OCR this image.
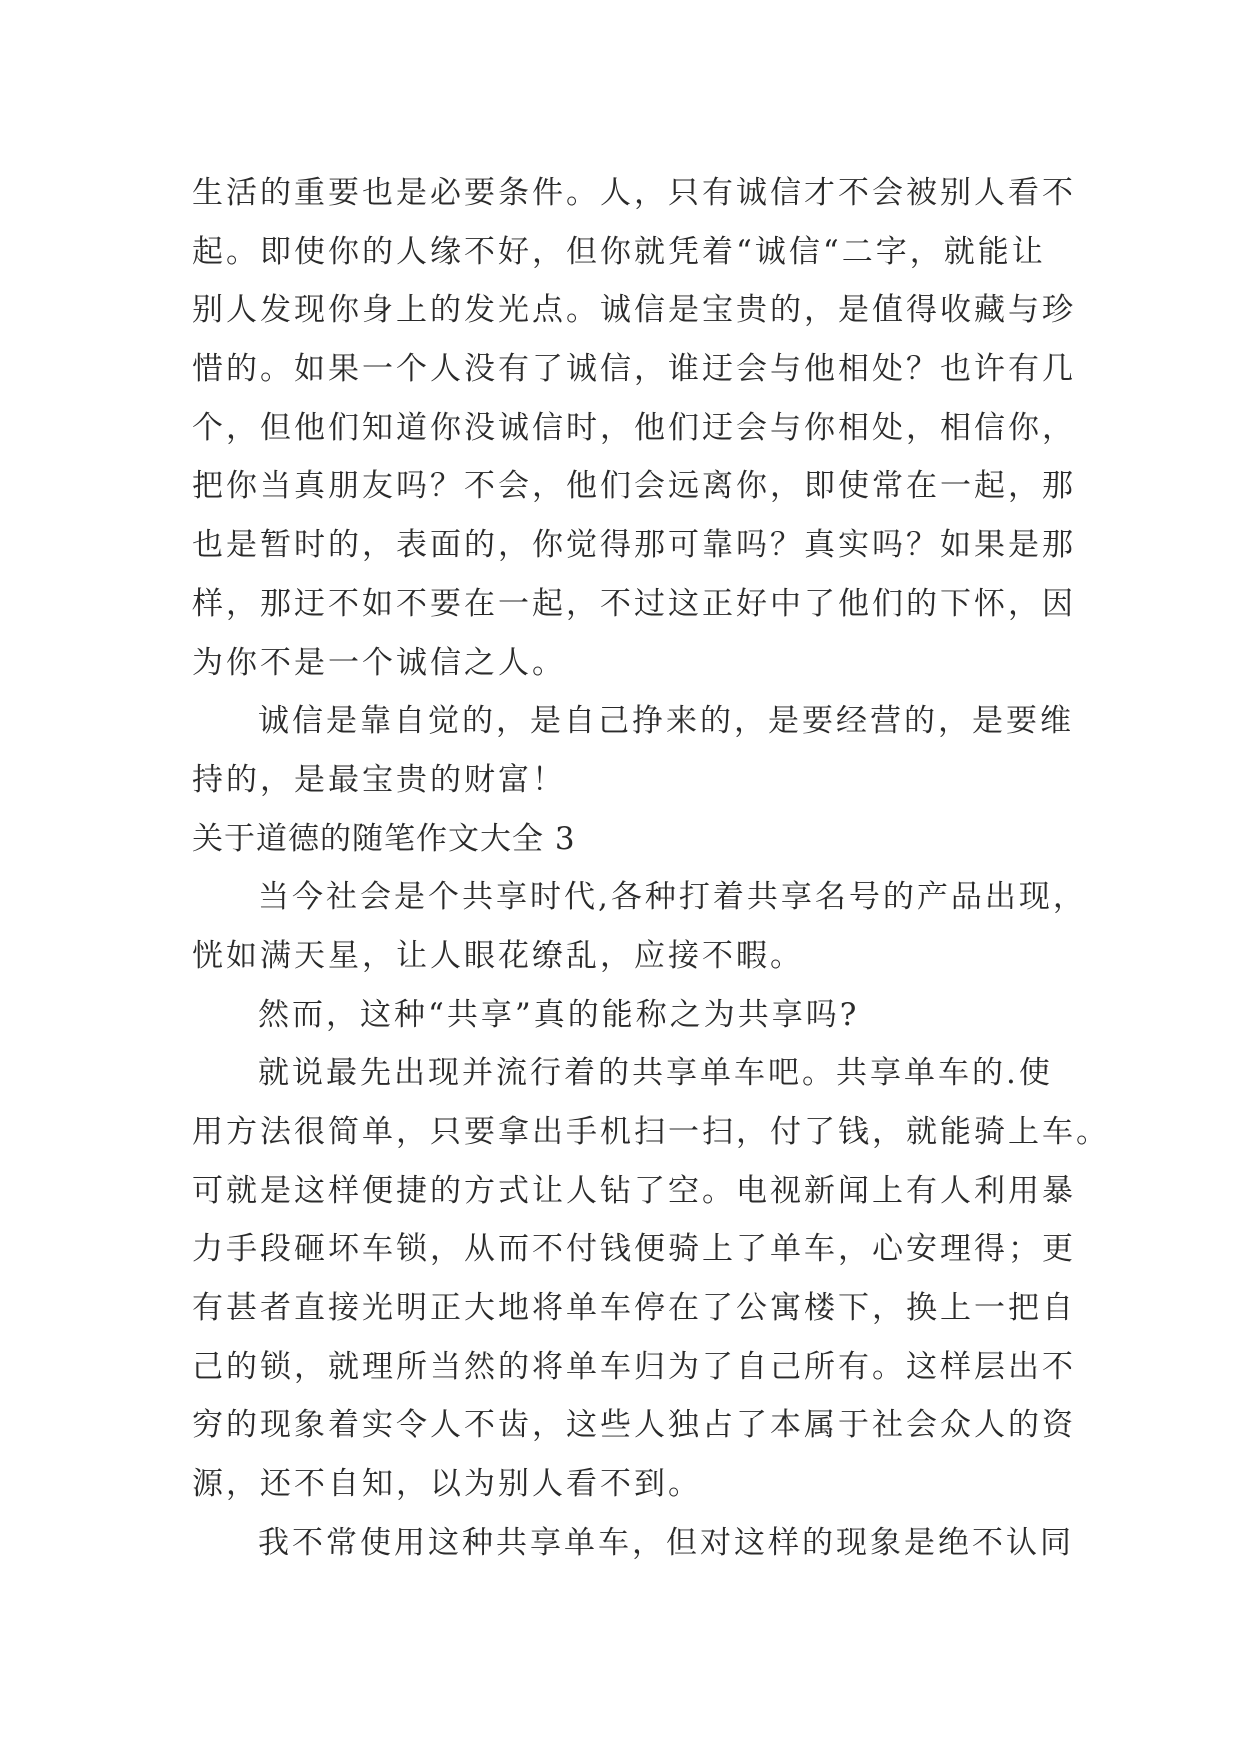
生活的重要也是必要条件。人，只有诚信才不会被别人看不

起。即使你的人缘不好，但你就凭着“诚信“二字，就能让

别人发现你身上的发光点。诚信是宝贵的，是值得收藏与珍

惜的。如果一个人没有了诚信，谁迂会与他相处？也许有几

个，但他们知道你没诚信时，他们迂会与你相处，相信你，

把你当真朋友吗？不会，他们会远离你，即使常在一起，那

也是暂时的，表面的，你觉得那可靠吗？真实吗？如果是那

样，那迂不如不要在一起，不过这正好中了他们的下怀，因

为你不是一个诚信之人。

诚信是靠自觉的，是自己挣来的，是要经营的，是要维

持的，是最宝贵的财富！

关于道德的随笔作文大全 3

当今社会是个共享时代,各种打着共享名号的产品出现，

恍如满天星，让人眼花缭乱，应接不暇。

然而，这种“共享”真的能称之为共享吗?

就说最先出现并流行着的共享单车吧。共享单车的.使

用方法很简单，只要拿出手机扫一扫，付了钱，就能骑上车。

可就是这样便捷的方式让人钻了空。电视新闻上有人利用暴

力手段砸坏车锁，从而不付钱便骑上了单车，心安理得；更

有甚者直接光明正大地将单车停在了公寓楼下，换上一把自

己的锁，就理所当然的将单车归为了自己所有。这样层出不

穷的现象着实令人不齿，这些人独占了本属于社会众人的资

源，还不自知，以为别人看不到。

我不常使用这种共享单车，但对这样的现象是绝不认同
